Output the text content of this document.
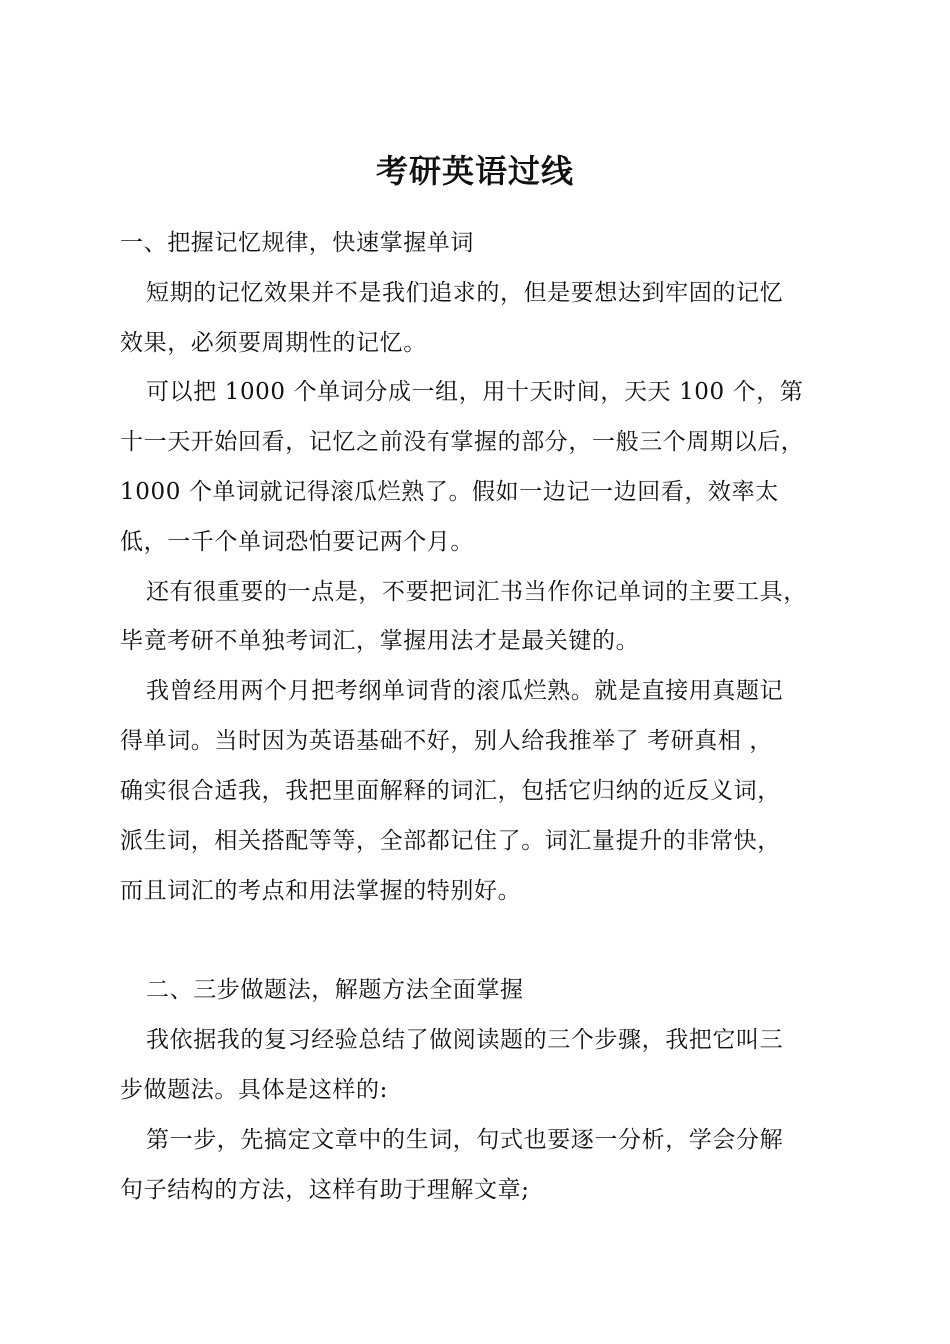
考研英语过线
一、把握记忆规律，快速掌握单词
短期的记忆效果并不是我们追求的，但是要想达到牢固的记忆
效果，必须要周期性的记忆。
可以把 1000 个单词分成一组，用十天时间，天天 100 个，第
十一天开始回看，记忆之前没有掌握的部分，一般三个周期以后，
1000 个单词就记得滚瓜烂熟了。假如一边记一边回看，效率太
低，一千个单词恐怕要记两个月。
还有很重要的一点是，不要把词汇书当作你记单词的主要工具，
毕竟考研不单独考词汇，掌握用法才是最关键的。
我曾经用两个月把考纲单词背的滚瓜烂熟。就是直接用真题记
得单词。当时因为英语基础不好，别人给我推举了 考研真相 ，
确实很合适我，我把里面解释的词汇，包括它归纳的近反义词，
派生词，相关搭配等等，全部都记住了。词汇量提升的非常快，
而且词汇的考点和用法掌握的特别好。
二、三步做题法，解题方法全面掌握
我依据我的复习经验总结了做阅读题的三个步骤，我把它叫三
步做题法。具体是这样的:
第一步，先搞定文章中的生词，句式也要逐一分析，学会分解
句子结构的方法，这样有助于理解文章;
